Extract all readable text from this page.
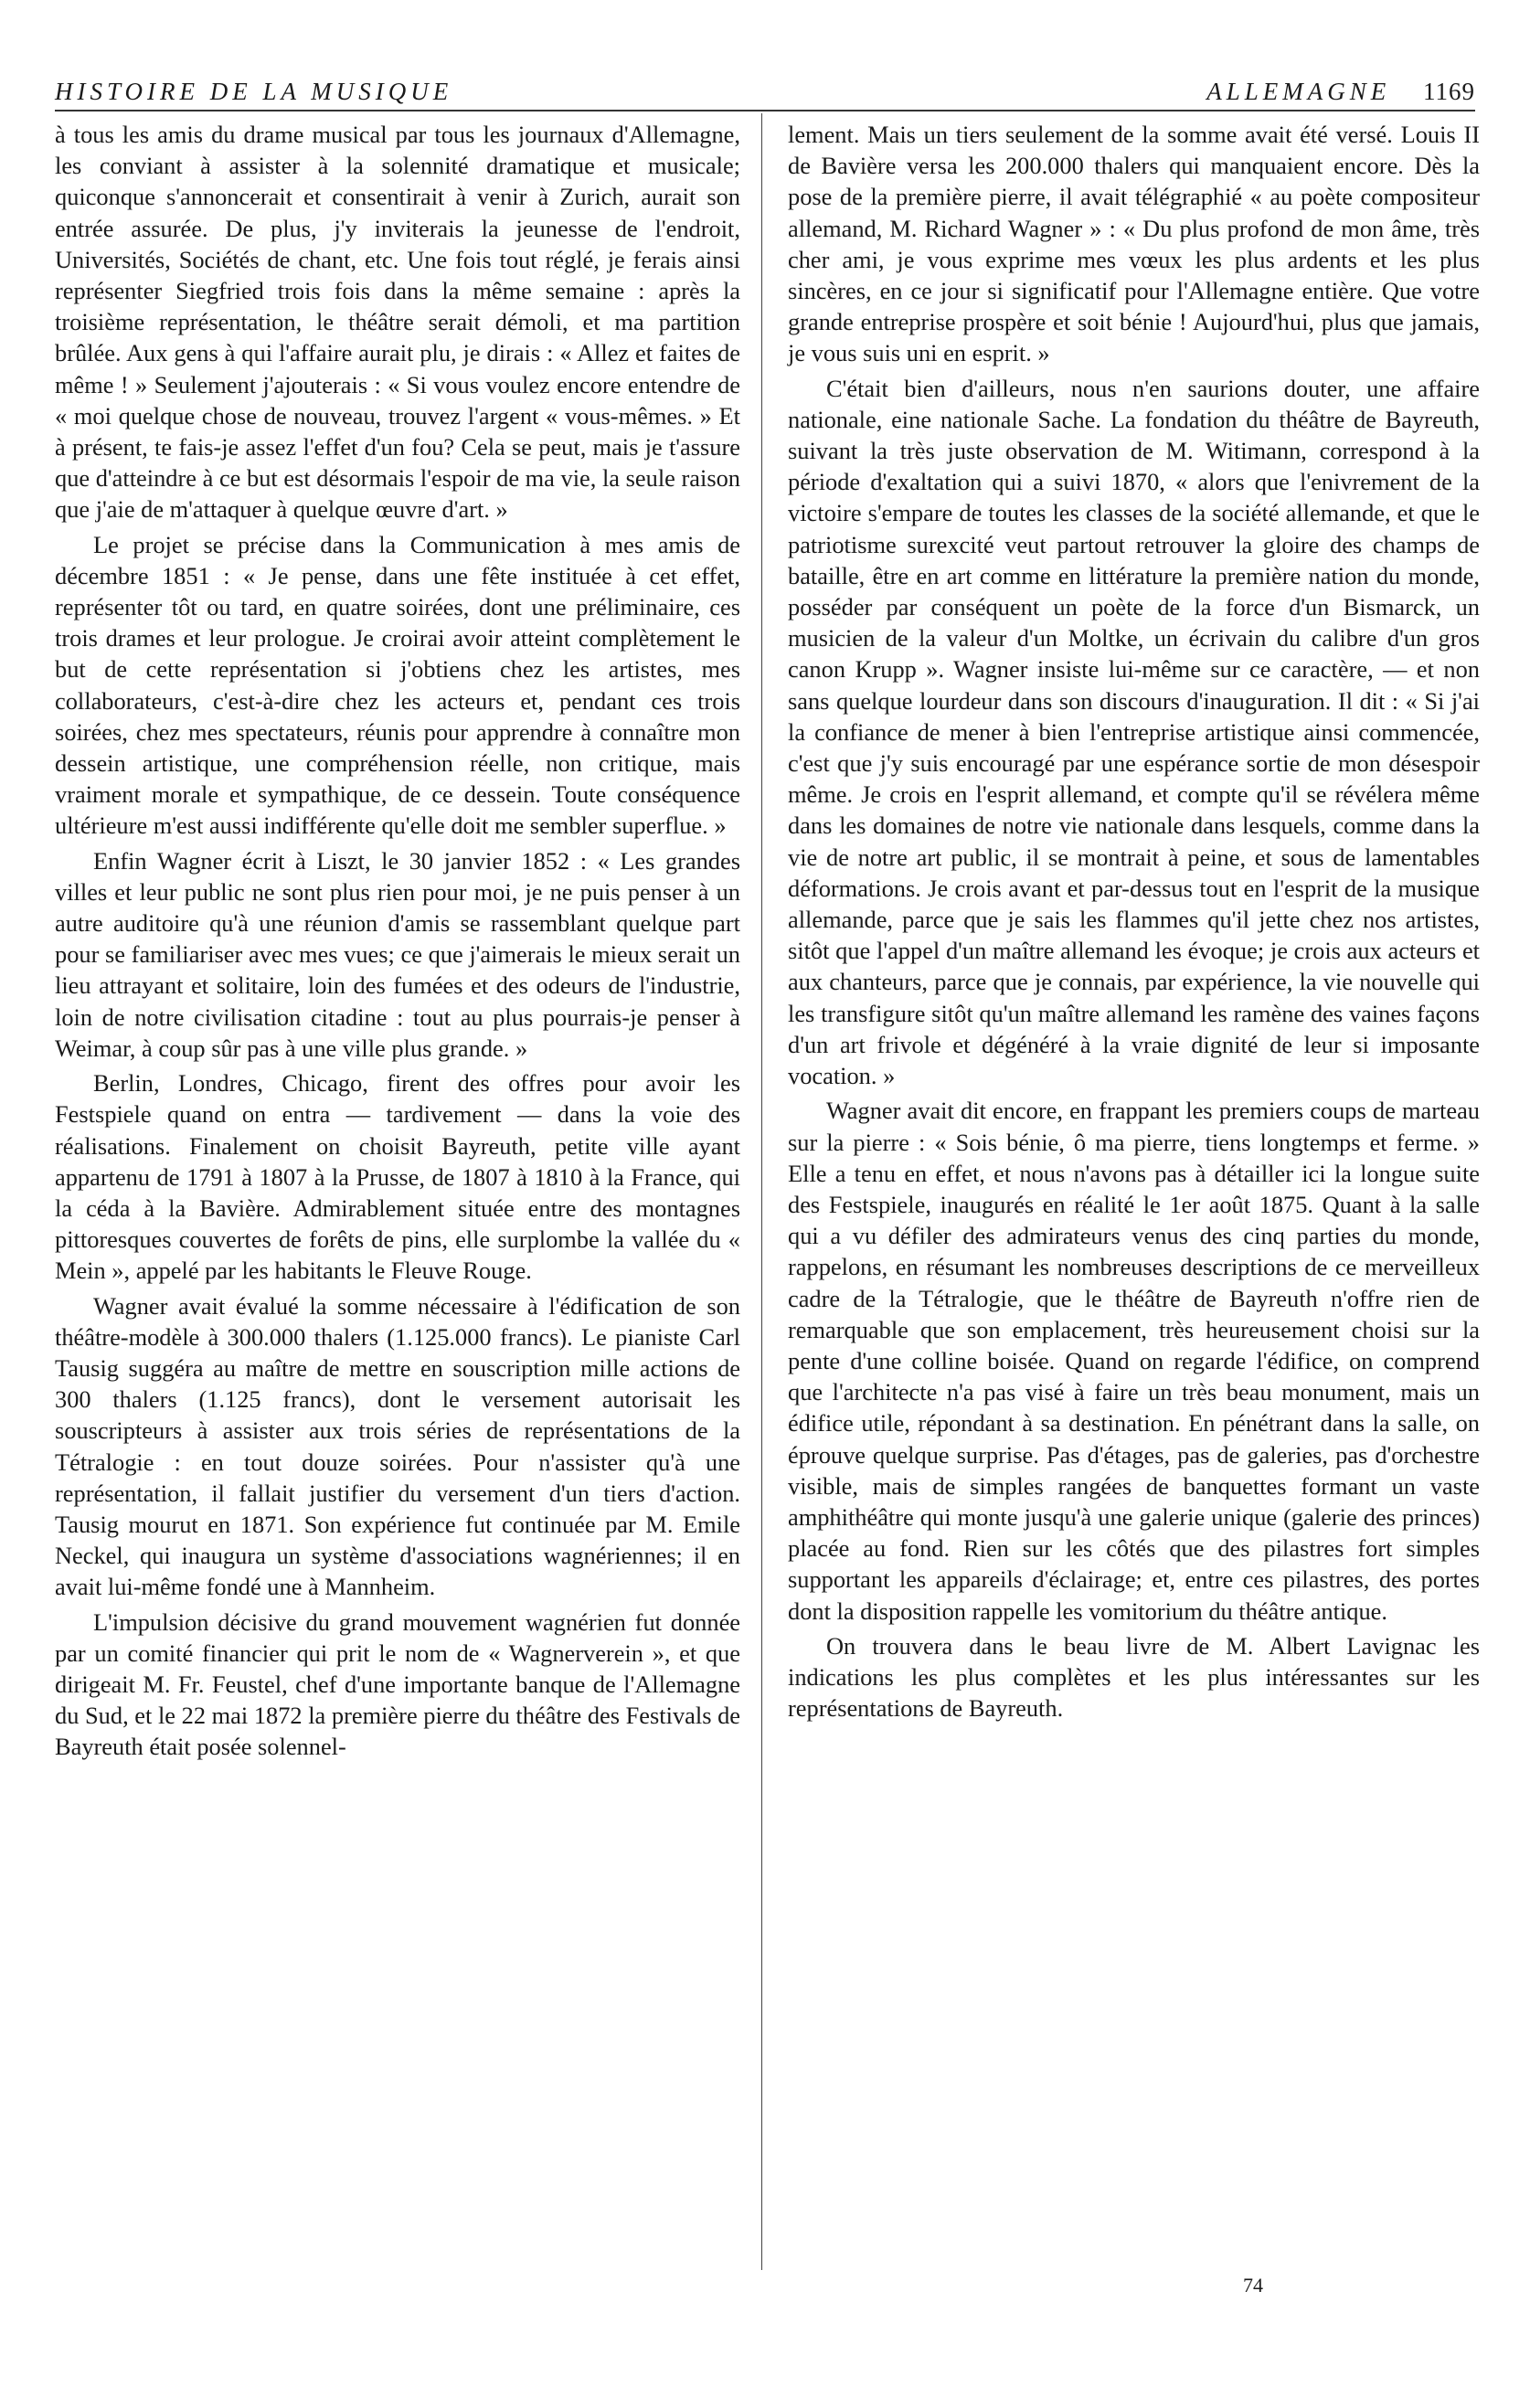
HISTOIRE DE LA MUSIQUE	ALLEMAGNE 1169

à tous les amis du drame musical par tous les journaux d'Allemagne, les conviant à assister à la solennité dramatique et musicale; quiconque s'annoncerait et consentirait à venir à Zurich, aurait son entrée assurée. De plus, j'y inviterais la jeunesse de l'endroit, Universités, Sociétés de chant, etc. Une fois tout réglé, je ferais ainsi représenter Siegfried trois fois dans la même semaine : après la troisième représentation, le théâtre serait démoli, et ma partition brûlée. Aux gens à qui l'affaire aurait plu, je dirais : « Allez et faites de même ! » Seulement j'ajouterais : « Si vous voulez encore entendre de « moi quelque chose de nouveau, trouvez l'argent « vous-mêmes. » Et à présent, te fais-je assez l'effet d'un fou? Cela se peut, mais je t'assure que d'atteindre à ce but est désormais l'espoir de ma vie, la seule raison que j'aie de m'attaquer à quelque œuvre d'art. »

Le projet se précise dans la Communication à mes amis de décembre 1851 : « Je pense, dans une fête instituée à cet effet, représenter tôt ou tard, en quatre soirées, dont une préliminaire, ces trois drames et leur prologue. Je croirai avoir atteint complètement le but de cette représentation si j'obtiens chez les artistes, mes collaborateurs, c'est-à-dire chez les acteurs et, pendant ces trois soirées, chez mes spectateurs, réunis pour apprendre à connaître mon dessein artistique, une compréhension réelle, non critique, mais vraiment morale et sympathique, de ce dessein. Toute conséquence ultérieure m'est aussi indifférente qu'elle doit me sembler superflue. »

Enfin Wagner écrit à Liszt, le 30 janvier 1852 : « Les grandes villes et leur public ne sont plus rien pour moi, je ne puis penser à un autre auditoire qu'à une réunion d'amis se rassemblant quelque part pour se familiariser avec mes vues; ce que j'aimerais le mieux serait un lieu attrayant et solitaire, loin des fumées et des odeurs de l'industrie, loin de notre civilisation citadine : tout au plus pourrais-je penser à Weimar, à coup sûr pas à une ville plus grande. »

Berlin, Londres, Chicago, firent des offres pour avoir les Festspiele quand on entra — tardivement — dans la voie des réalisations. Finalement on choisit Bayreuth, petite ville ayant appartenu de 1791 à 1807 à la Prusse, de 1807 à 1810 à la France, qui la céda à la Bavière. Admirablement située entre des montagnes pittoresques couvertes de forêts de pins, elle surplombe la vallée du « Mein », appelé par les habitants le Fleuve Rouge.

Wagner avait évalué la somme nécessaire à l'édification de son théâtre-modèle à 300.000 thalers (1.125.000 francs). Le pianiste Carl Tausig suggéra au maître de mettre en souscription mille actions de 300 thalers (1.125 francs), dont le versement autorisait les souscripteurs à assister aux trois séries de représentations de la Tétralogie : en tout douze soirées. Pour n'assister qu'à une représentation, il fallait justifier du versement d'un tiers d'action. Tausig mourut en 1871. Son expérience fut continuée par M. Emile Neckel, qui inaugura un système d'associations wagnériennes; il en avait lui-même fondé une à Mannheim.

L'impulsion décisive du grand mouvement wagnérien fut donnée par un comité financier qui prit le nom de « Wagnerverein », et que dirigeait M. Fr. Feustel, chef d'une importante banque de l'Allemagne du Sud, et le 22 mai 1872 la première pierre du théâtre des Festivals de Bayreuth était posée solennel-

lement. Mais un tiers seulement de la somme avait été versé. Louis II de Bavière versa les 200.000 thalers qui manquaient encore. Dès la pose de la première pierre, il avait télégraphié « au poète compositeur allemand, M. Richard Wagner » : « Du plus profond de mon âme, très cher ami, je vous exprime mes vœux les plus ardents et les plus sincères, en ce jour si significatif pour l'Allemagne entière. Que votre grande entreprise prospère et soit bénie ! Aujourd'hui, plus que jamais, je vous suis uni en esprit. »

C'était bien d'ailleurs, nous n'en saurions douter, une affaire nationale, eine nationale Sache. La fondation du théâtre de Bayreuth, suivant la très juste observation de M. Witimann, correspond à la période d'exaltation qui a suivi 1870, « alors que l'enivrement de la victoire s'empare de toutes les classes de la société allemande, et que le patriotisme surexcité veut partout retrouver la gloire des champs de bataille, être en art comme en littérature la première nation du monde, posséder par conséquent un poète de la force d'un Bismarck, un musicien de la valeur d'un Moltke, un écrivain du calibre d'un gros canon Krupp ». Wagner insiste lui-même sur ce caractère, — et non sans quelque lourdeur dans son discours d'inauguration. Il dit : « Si j'ai la confiance de mener à bien l'entreprise artistique ainsi commencée, c'est que j'y suis encouragé par une espérance sortie de mon désespoir même. Je crois en l'esprit allemand, et compte qu'il se révélera même dans les domaines de notre vie nationale dans lesquels, comme dans la vie de notre art public, il se montrait à peine, et sous de lamentables déformations. Je crois avant et par-dessus tout en l'esprit de la musique allemande, parce que je sais les flammes qu'il jette chez nos artistes, sitôt que l'appel d'un maître allemand les évoque; je crois aux acteurs et aux chanteurs, parce que je connais, par expérience, la vie nouvelle qui les transfigure sitôt qu'un maître allemand les ramène des vaines façons d'un art frivole et dégénéré à la vraie dignité de leur si imposante vocation. »

Wagner avait dit encore, en frappant les premiers coups de marteau sur la pierre : « Sois bénie, ô ma pierre, tiens longtemps et ferme. » Elle a tenu en effet, et nous n'avons pas à détailler ici la longue suite des Festspiele, inaugurés en réalité le 1er août 1875. Quant à la salle qui a vu défiler des admirateurs venus des cinq parties du monde, rappelons, en résumant les nombreuses descriptions de ce merveilleux cadre de la Tétralogie, que le théâtre de Bayreuth n'offre rien de remarquable que son emplacement, très heureusement choisi sur la pente d'une colline boisée. Quand on regarde l'édifice, on comprend que l'architecte n'a pas visé à faire un très beau monument, mais un édifice utile, répondant à sa destination. En pénétrant dans la salle, on éprouve quelque surprise. Pas d'étages, pas de galeries, pas d'orchestre visible, mais de simples rangées de banquettes formant un vaste amphithéâtre qui monte jusqu'à une galerie unique (galerie des princes) placée au fond. Rien sur les côtés que des pilastres fort simples supportant les appareils d'éclairage; et, entre ces pilastres, des portes dont la disposition rappelle les vomitorium du théâtre antique.

On trouvera dans le beau livre de M. Albert Lavignac les indications les plus complètes et les plus intéressantes sur les représentations de Bayreuth.

74
